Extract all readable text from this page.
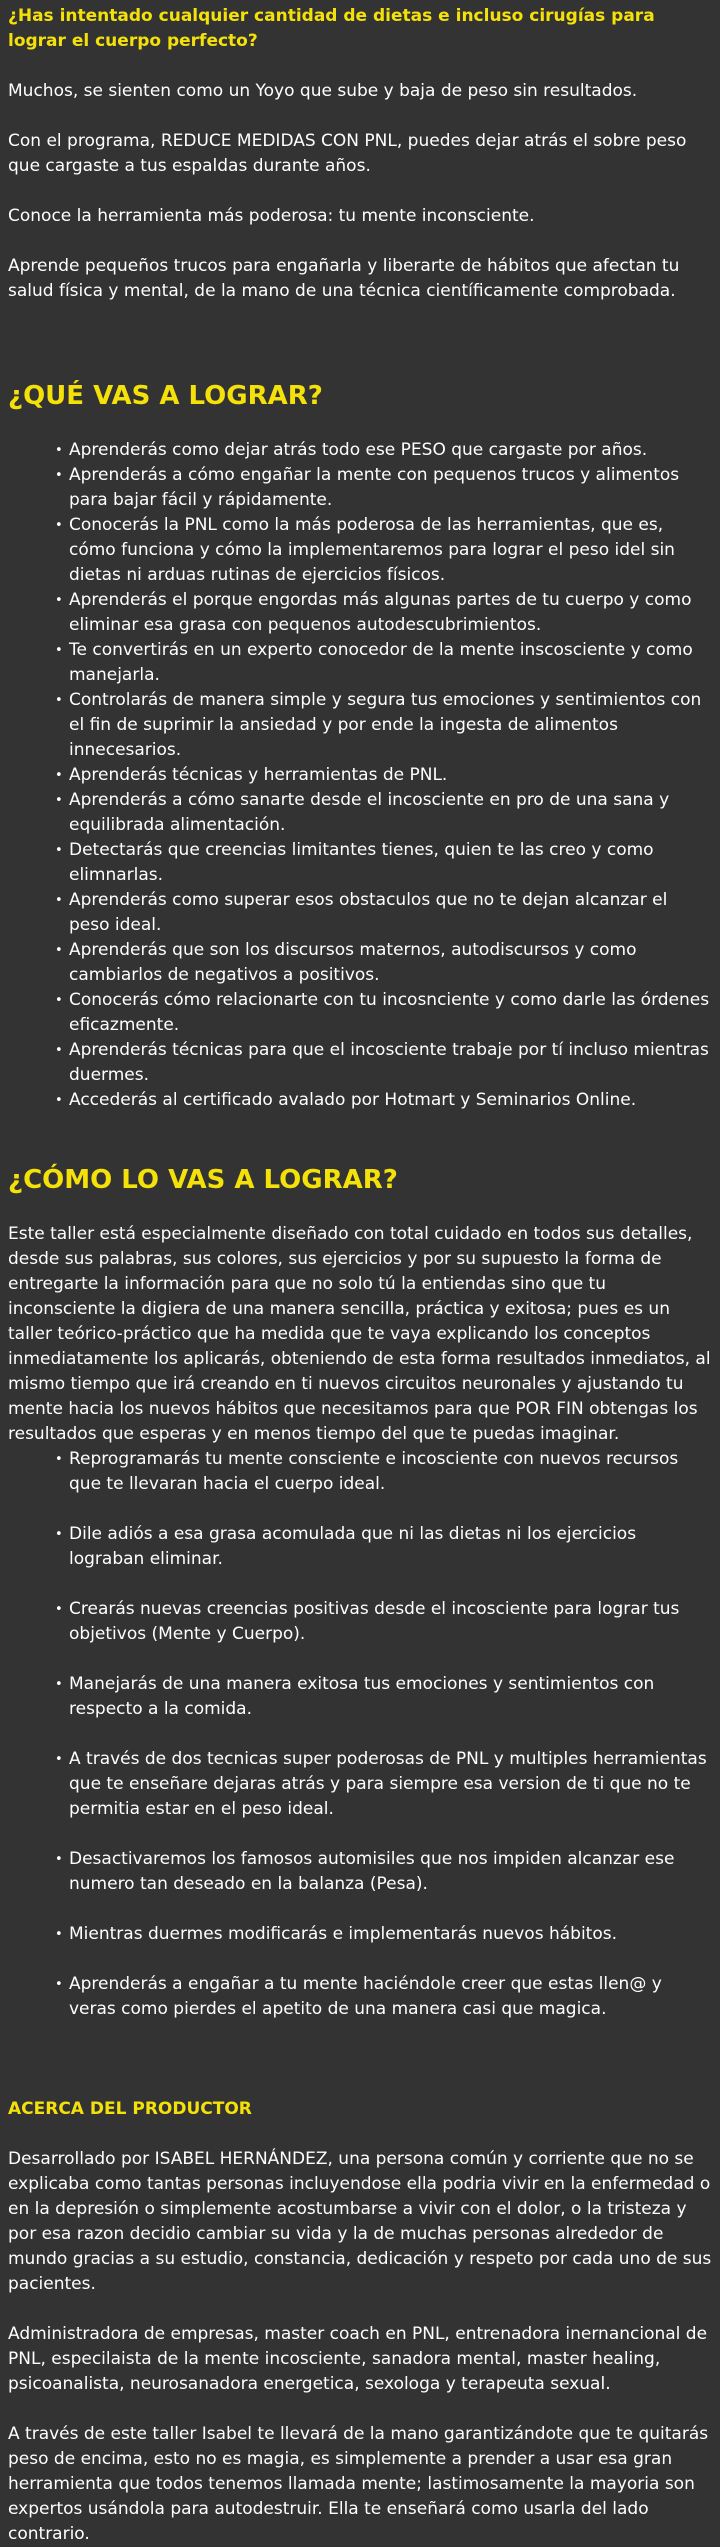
¿Has intentado cualquier cantidad de dietas e incluso cirugías para lograr el cuerpo perfecto?

Muchos, se sienten como un Yoyo que sube y baja de peso sin resultados.

Con el programa, REDUCE MEDIDAS CON PNL, puedes dejar atrás el sobre peso que cargaste a tus espaldas durante años.

Conoce la herramienta más poderosa: tu mente inconsciente.

Aprende pequeños trucos para engañarla y liberarte de hábitos que afectan tu salud física y mental, de la mano de una técnica científicamente comprobada.

¿QUÉ VAS A LOGRAR?
• Aprenderás como dejar atrás todo ese PESO que cargaste por años.
• Aprenderás a cómo engañar la mente con pequenos trucos y alimentos para bajar fácil y rápidamente.
• Conocerás la PNL como la más poderosa de las herramientas, que es, cómo funciona y cómo la implementaremos para lograr el peso idel sin dietas ni arduas rutinas de ejercicios físicos.
• Aprenderás el porque engordas más algunas partes de tu cuerpo y como eliminar esa grasa con pequenos autodescubrimientos.
• Te convertirás en un experto conocedor de la mente inscosciente y como manejarla.
• Controlarás de manera simple y segura tus emociones y sentimientos con el fin de suprimir la ansiedad y por ende la ingesta de alimentos innecesarios.
• Aprenderás técnicas y herramientas de PNL.
• Aprenderás a cómo sanarte desde el incosciente en pro de una sana y equilibrada alimentación.
• Detectarás que creencias limitantes tienes, quien te las creo y como elimnarlas.
• Aprenderás como superar esos obstaculos que no te dejan alcanzar el peso ideal.
• Aprenderás que son los discursos maternos, autodiscursos y como cambiarlos de negativos a positivos.
• Conocerás cómo relacionarte con tu incosnciente y como darle las órdenes eficazmente.
• Aprenderás técnicas para que el incosciente trabaje por tí incluso mientras duermes.
• Accederás al certificado avalado por Hotmart y Seminarios Online.
¿CÓMO LO VAS A LOGRAR?

Este taller está especialmente diseñado con total cuidado en todos sus detalles, desde sus palabras, sus colores, sus ejercicios y por su supuesto la forma de entregarte la información para que no solo tú la entiendas sino que tu inconsciente la digiera de una manera sencilla, práctica y exitosa; pues es un taller teórico-práctico que ha medida que te vaya explicando los conceptos inmediatamente los aplicarás, obteniendo de esta forma resultados inmediatos, al mismo tiempo que irá creando en ti nuevos circuitos neuronales y ajustando tu mente hacia los nuevos hábitos que necesitamos para que POR FIN obtengas los resultados que esperas y en menos tiempo del que te puedas imaginar.

• Reprogramarás tu mente consciente e incosciente con nuevos recursos que te llevaran hacia el cuerpo ideal.
• Dile adiós a esa grasa acomulada que ni las dietas ni los ejercicios lograban eliminar.
• Crearás nuevas creencias positivas desde el incosciente para lograr tus objetivos (Mente y Cuerpo).
• Manejarás de una manera exitosa tus emociones y sentimientos con respecto a la comida.
• A través de dos tecnicas super poderosas de PNL y multiples herramientas que te enseñare dejaras atrás y para siempre esa version de ti que no te permitia estar en el peso ideal.
• Desactivaremos los famosos automisiles que nos impiden alcanzar ese numero tan deseado en la balanza (Pesa).
• Mientras duermes modificarás e implementarás nuevos hábitos.
• Aprenderás a engañar a tu mente haciéndole creer que estas llen@ y veras como pierdes el apetito de una manera casi que magica.
ACERCA DEL PRODUCTOR

Desarrollado por ISABEL HERNÁNDEZ, una persona común y corriente que no se explicaba como tantas personas incluyendose ella podria vivir en la enfermedad o en la depresión o simplemente acostumbarse a vivir con el dolor, o la tristeza y por esa razon decidio cambiar su vida y la de muchas personas alrededor de mundo gracias a su estudio, constancia, dedicación y respeto por cada uno de sus pacientes.

Administradora de empresas, master coach en PNL, entrenadora inernancional de PNL, especilaista de la mente incosciente, sanadora mental, master healing, psicoanalista, neurosanadora energetica, sexologa y terapeuta sexual.

A través de este taller Isabel te llevará de la mano garantizándote que te quitarás peso de encima, esto no es magia, es simplemente a prender a usar esa gran herramienta que todos tenemos llamada mente; lastimosamente la mayoria son expertos usándola para autodestruir. Ella te enseñará como usarla del lado contrario.
